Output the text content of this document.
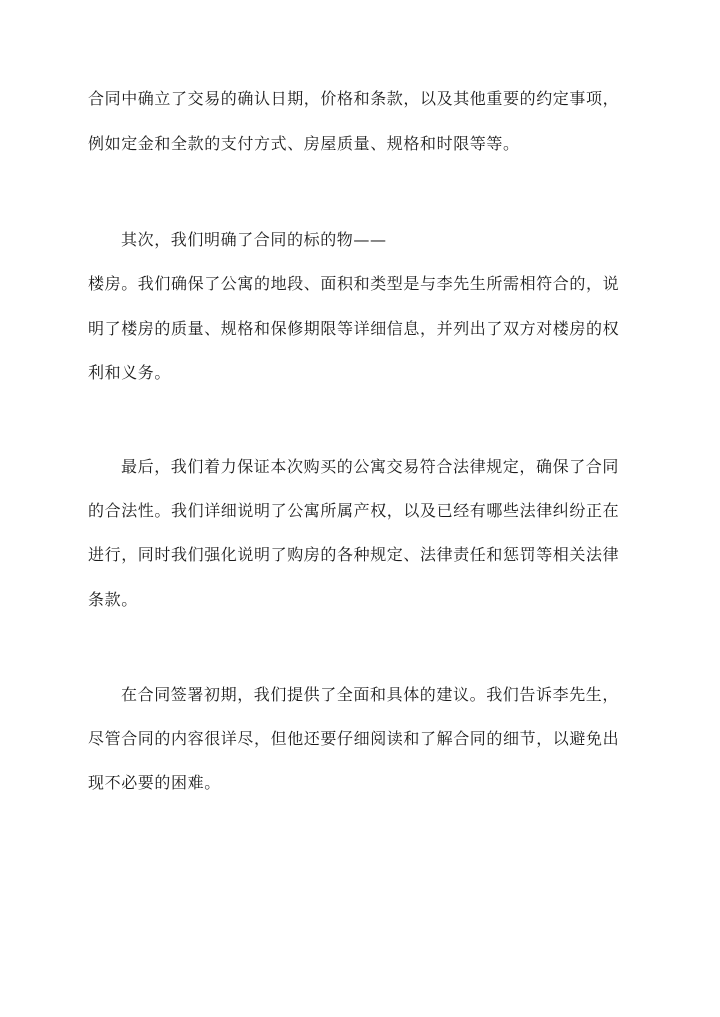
合同中确立了交易的确认日期，价格和条款，以及其他重要的约定事项，
例如定金和全款的支付方式、房屋质量、规格和时限等等。
其次，我们明确了合同的标的物——
楼房。我们确保了公寓的地段、面积和类型是与李先生所需相符合的，说
明了楼房的质量、规格和保修期限等详细信息，并列出了双方对楼房的权
利和义务。
最后，我们着力保证本次购买的公寓交易符合法律规定，确保了合同
的合法性。我们详细说明了公寓所属产权，以及已经有哪些法律纠纷正在
进行，同时我们强化说明了购房的各种规定、法律责任和惩罚等相关法律
条款。
在合同签署初期，我们提供了全面和具体的建议。我们告诉李先生，
尽管合同的内容很详尽，但他还要仔细阅读和了解合同的细节，以避免出
现不必要的困难。
